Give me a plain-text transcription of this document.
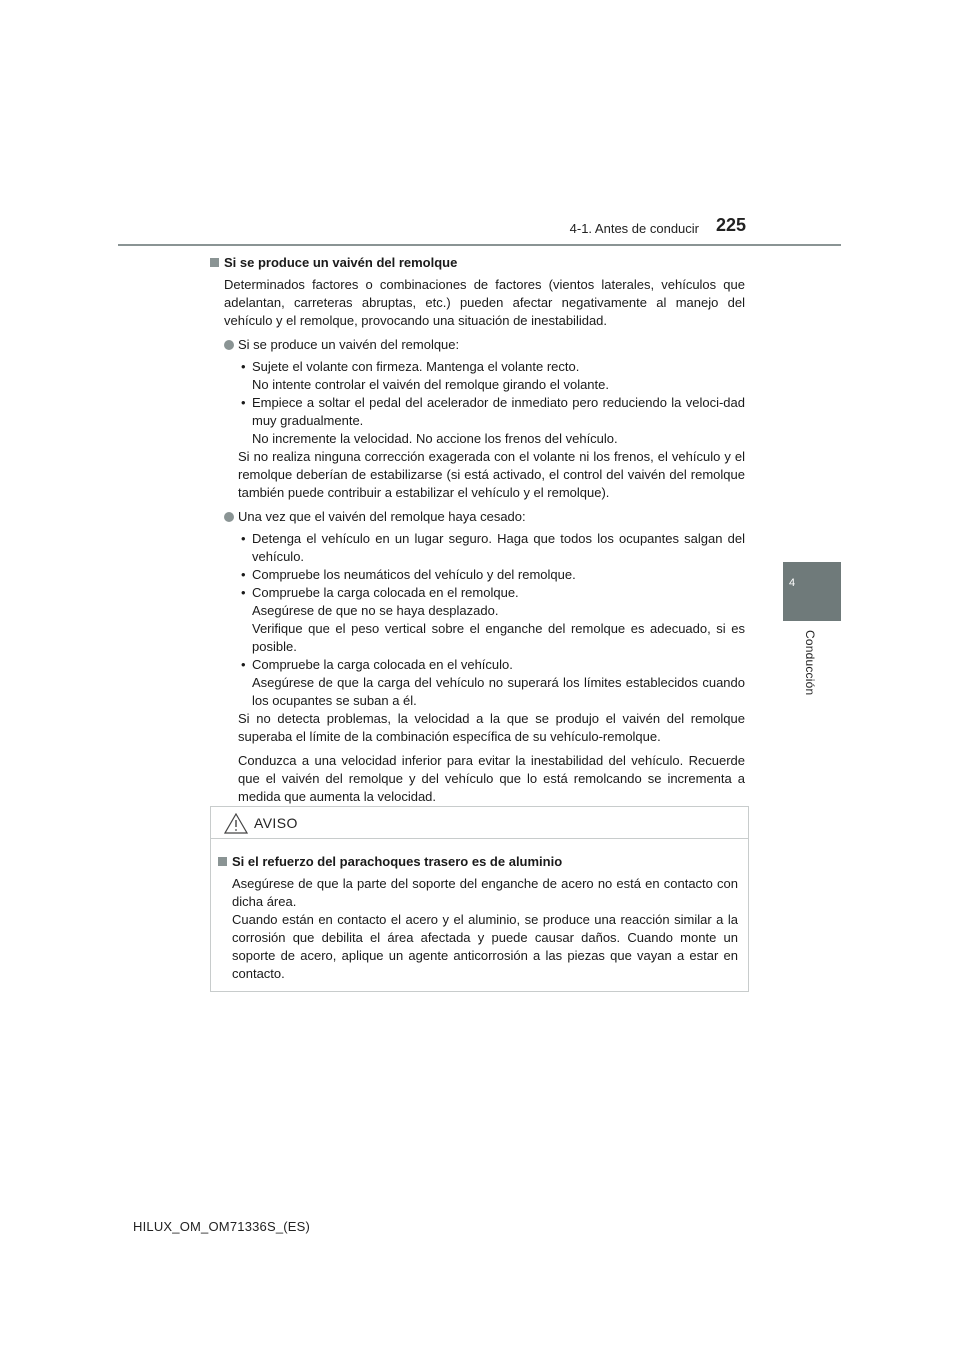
4-1. Antes de conducir 225
4
Conducción
Si se produce un vaivén del remolque

Determinados factores o combinaciones de factores (vientos laterales, vehículos que adelantan, carreteras abruptas, etc.) pueden afectar negativamente al manejo del vehículo y el remolque, provocando una situación de inestabilidad.

Si se produce un vaivén del remolque:
• Sujete el volante con firmeza. Mantenga el volante recto.
No intente controlar el vaivén del remolque girando el volante.
• Empiece a soltar el pedal del acelerador de inmediato pero reduciendo la veloci-dad muy gradualmente.
No incremente la velocidad. No accione los frenos del vehículo.
Si no realiza ninguna corrección exagerada con el volante ni los frenos, el vehículo y el remolque deberían de estabilizarse (si está activado, el control del vaivén del remolque también puede contribuir a estabilizar el vehículo y el remolque).
Una vez que el vaivén del remolque haya cesado:
• Detenga el vehículo en un lugar seguro. Haga que todos los ocupantes salgan del vehículo.
• Compruebe los neumáticos del vehículo y del remolque.
• Compruebe la carga colocada en el remolque.
Asegúrese de que no se haya desplazado.
Verifique que el peso vertical sobre el enganche del remolque es adecuado, si es posible.
• Compruebe la carga colocada en el vehículo.
Asegúrese de que la carga del vehículo no superará los límites establecidos cuando los ocupantes se suban a él.
Si no detecta problemas, la velocidad a la que se produjo el vaivén del remolque superaba el límite de la combinación específica de su vehículo-remolque.
Conduzca a una velocidad inferior para evitar la inestabilidad del vehículo. Recuerde que el vaivén del remolque y del vehículo que lo está remolcando se incrementa a medida que aumenta la velocidad.
AVISO
Si el refuerzo del parachoques trasero es de aluminio
Asegúrese de que la parte del soporte del enganche de acero no está en contacto con dicha área.
Cuando están en contacto el acero y el aluminio, se produce una reacción similar a la corrosión que debilita el área afectada y puede causar daños. Cuando monte un soporte de acero, aplique un agente anticorrosión a las piezas que vayan a estar en contacto.
HILUX_OM_OM71336S_(ES)
